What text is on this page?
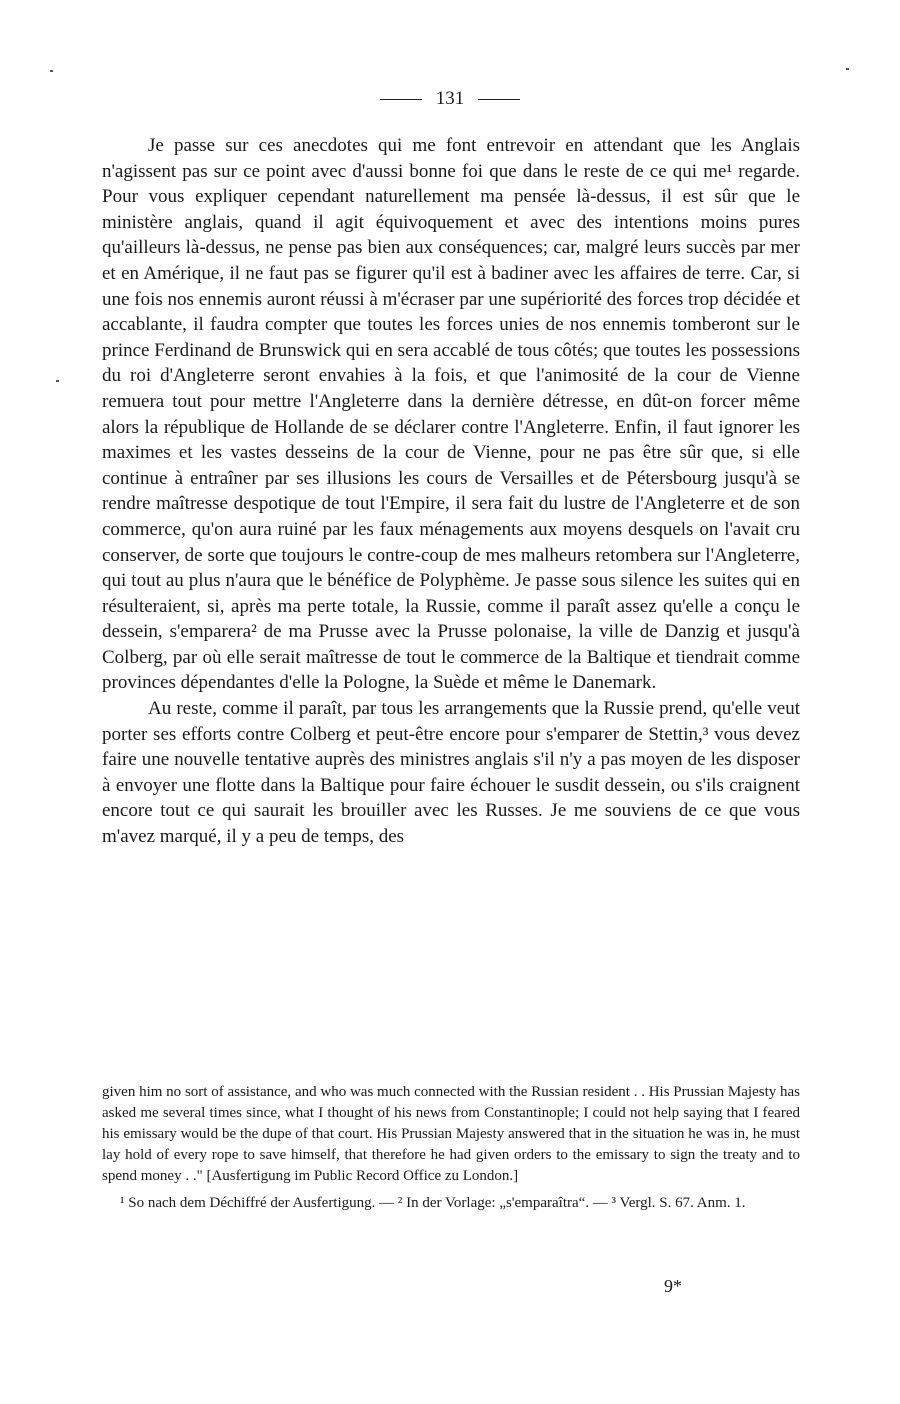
131

Je passe sur ces anecdotes qui me font entrevoir en attendant que les Anglais n'agissent pas sur ce point avec d'aussi bonne foi que dans le reste de ce qui me¹ regarde. Pour vous expliquer cependant naturellement ma pensée là-dessus, il est sûr que le ministère anglais, quand il agit équivoquement et avec des intentions moins pures qu'ailleurs là-dessus, ne pense pas bien aux conséquences; car, malgré leurs succès par mer et en Amérique, il ne faut pas se figurer qu'il est à badiner avec les affaires de terre. Car, si une fois nos ennemis auront réussi à m'écraser par une supériorité des forces trop décidée et accablante, il faudra compter que toutes les forces unies de nos ennemis tomberont sur le prince Ferdinand de Brunswick qui en sera accablé de tous côtés; que toutes les possessions du roi d'Angleterre seront envahies à la fois, et que l'animosité de la cour de Vienne remuera tout pour mettre l'Angleterre dans la dernière détresse, en dût-on forcer même alors la république de Hollande de se déclarer contre l'Angleterre. Enfin, il faut ignorer les maximes et les vastes desseins de la cour de Vienne, pour ne pas être sûr que, si elle continue à entraîner par ses illusions les cours de Versailles et de Pétersbourg jusqu'à se rendre maîtresse despotique de tout l'Empire, il sera fait du lustre de l'Angleterre et de son commerce, qu'on aura ruiné par les faux ménagements aux moyens desquels on l'avait cru conserver, de sorte que toujours le contre-coup de mes malheurs retombera sur l'Angleterre, qui tout au plus n'aura que le bénéfice de Polyphème. Je passe sous silence les suites qui en résulteraient, si, après ma perte totale, la Russie, comme il paraît assez qu'elle a conçu le dessein, s'emparera² de ma Prusse avec la Prusse polonaise, la ville de Danzig et jusqu'à Colberg, par où elle serait maîtresse de tout le commerce de la Baltique et tiendrait comme provinces dépendantes d'elle la Pologne, la Suède et même le Danemark.

Au reste, comme il paraît, par tous les arrangements que la Russie prend, qu'elle veut porter ses efforts contre Colberg et peut-être encore pour s'emparer de Stettin,³ vous devez faire une nouvelle tentative auprès des ministres anglais s'il n'y a pas moyen de les disposer à envoyer une flotte dans la Baltique pour faire échouer le susdit dessein, ou s'ils craignent encore tout ce qui saurait les brouiller avec les Russes. Je me souviens de ce que vous m'avez marqué, il y a peu de temps, des

given him no sort of assistance, and who was much connected with the Russian resident . . His Prussian Majesty has asked me several times since, what I thought of his news from Constantinople; I could not help saying that I feared his emissary would be the dupe of that court. His Prussian Majesty answered that in the situation he was in, he must lay hold of every rope to save himself, that therefore he had given orders to the emissary to sign the treaty and to spend money . ." [Ausfertigung im Public Record Office zu London.]

¹ So nach dem Déchiffré der Ausfertigung. — ² In der Vorlage: „s'emparaîtra“. — ³ Vergl. S. 67. Anm. 1.

9*
